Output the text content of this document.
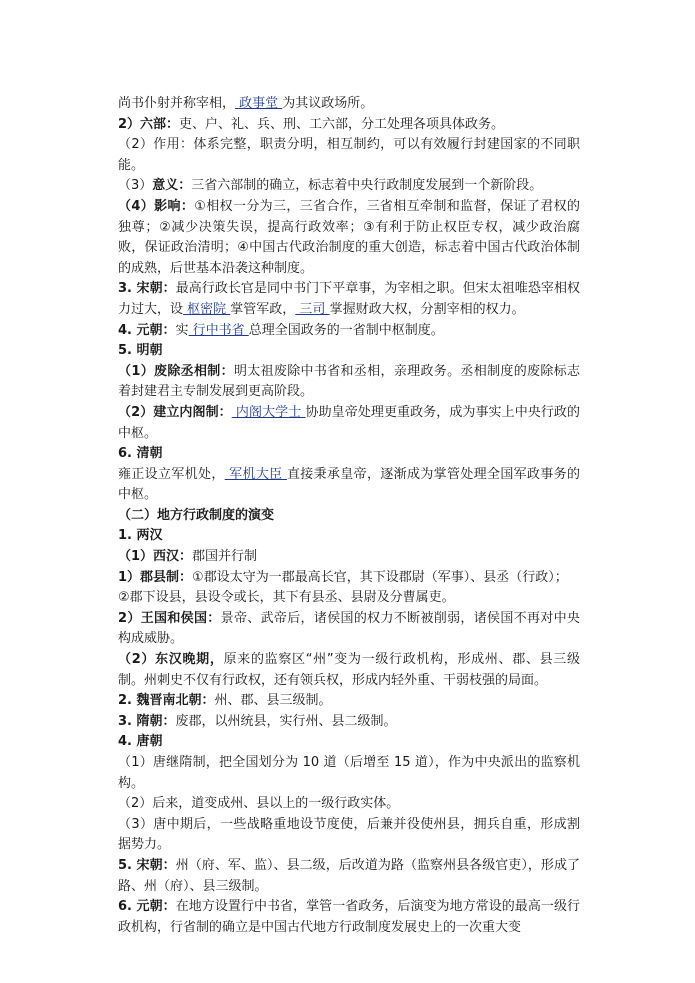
尚书仆射并称宰相， 政事堂 为其议政场所。

2）六部：吏、户、礼、兵、刑、工六部，分工处理各项具体政务。

（2）作用：体系完整，职责分明，相互制约，可以有效履行封建国家的不同职能。

（3）意义：三省六部制的确立，标志着中央行政制度发展到一个新阶段。

（4）影响：①相权一分为三，三省合作，三省相互牵制和监督，保证了君权的独尊；②减少决策失误，提高行政效率；③有利于防止权臣专权，减少政治腐败，保证政治清明；④中国古代政治制度的重大创造，标志着中国古代政治体制的成熟，后世基本沿袭这种制度。

3. 宋朝：最高行政长官是同中书门下平章事，为宰相之职。但宋太祖唯恐宰相权力过大，设 枢密院 掌管军政， 三司 掌握财政大权，分割宰相的权力。

4. 元朝：实 行中书省 总理全国政务的一省制中枢制度。

5. 明朝

（1）废除丞相制：明太祖废除中书省和丞相，亲理政务。丞相制度的废除标志着封建君主专制发展到更高阶段。

（2）建立内阁制： 内阁大学士 协助皇帝处理更重政务，成为事实上中央行政的中枢。

6. 清朝

雍正设立军机处， 军机大臣 直接秉承皇帝，逐渐成为掌管处理全国军政事务的中枢。

（二）地方行政制度的演变

1. 两汉

（1）西汉：郡国并行制

1）郡县制：①郡设太守为一郡最高长官，其下设郡尉（军事）、县丞（行政）；

②郡下设县，县设令或长，其下有县丞、县尉及分曹属吏。

2）王国和侯国：景帝、武帝后，诸侯国的权力不断被削弱，诸侯国不再对中央构成威胁。

（2）东汉晚期，原来的监察区“州”变为一级行政机构，形成州、郡、县三级制。州刺史不仅有行政权，还有领兵权，形成内轻外重、干弱枝强的局面。

2. 魏晋南北朝：州、郡、县三级制。

3. 隋朝：废郡，以州统县，实行州、县二级制。

4. 唐朝

（1）唐继隋制，把全国划分为 10 道（后增至 15 道），作为中央派出的监察机构。

（2）后来，道变成州、县以上的一级行政实体。

（3）唐中期后，一些战略重地设节度使，后兼并役使州县，拥兵自重，形成割据势力。

5. 宋朝：州（府、军、监）、县二级，后改道为路（监察州县各级官吏），形成了路、州（府）、县三级制。

6. 元朝：在地方设置行中书省，掌管一省政务，后演变为地方常设的最高一级行政机构，行省制的确立是中国古代地方行政制度发展史上的一次重大变
